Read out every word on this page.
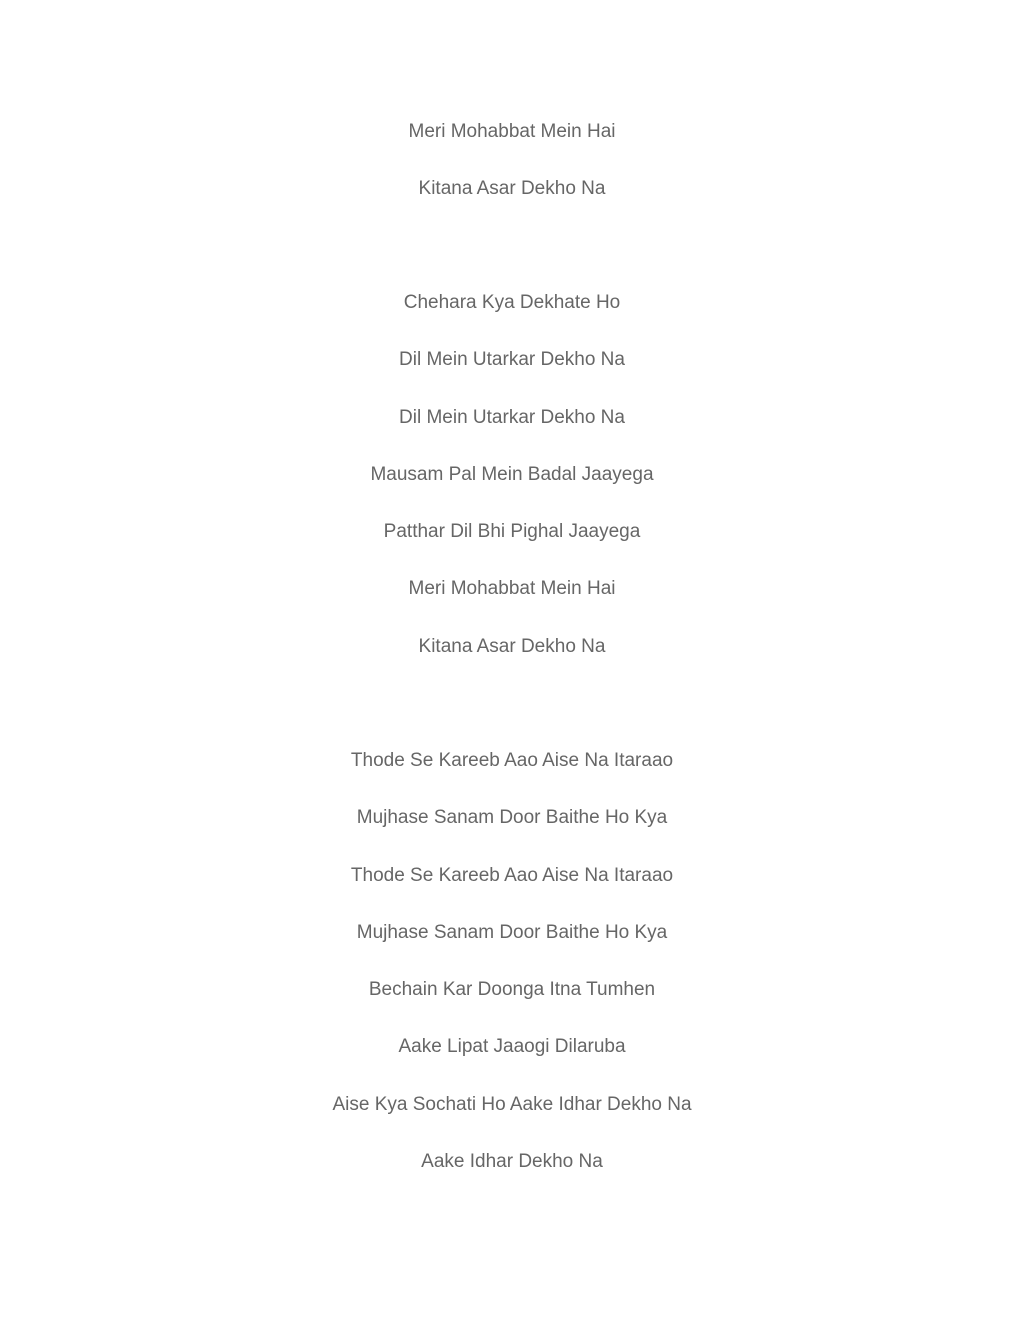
Meri Mohabbat Mein Hai
Kitana Asar Dekho Na
Chehara Kya Dekhate Ho
Dil Mein Utarkar Dekho Na
Dil Mein Utarkar Dekho Na
Mausam Pal Mein Badal Jaayega
Patthar Dil Bhi Pighal Jaayega
Meri Mohabbat Mein Hai
Kitana Asar Dekho Na
Thode Se Kareeb Aao Aise Na Itaraao
Mujhase Sanam Door Baithe Ho Kya
Thode Se Kareeb Aao Aise Na Itaraao
Mujhase Sanam Door Baithe Ho Kya
Bechain Kar Doonga Itna Tumhen
Aake Lipat Jaaogi Dilaruba
Aise Kya Sochati Ho Aake Idhar Dekho Na
Aake Idhar Dekho Na
